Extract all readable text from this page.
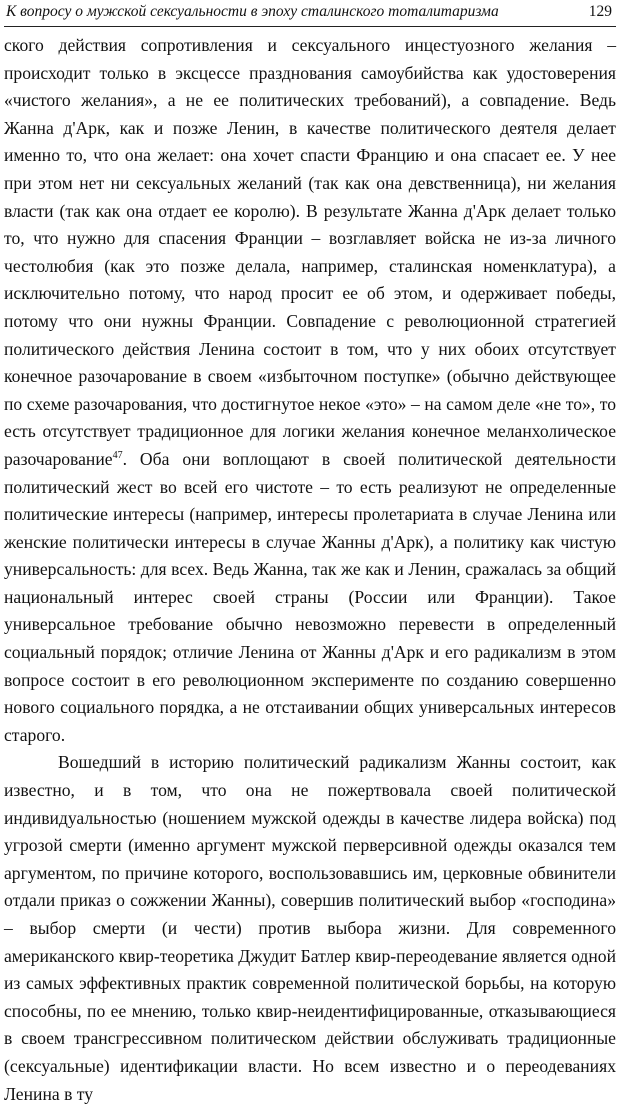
К вопросу о мужской сексуальности в эпоху сталинского тоталитаризма	129

ского действия сопротивления и сексуального инцестуозного желания – происходит только в эксцессе празднования самоубийства как удостоверения «чистого желания», а не ее политических требований), а совпадение. Ведь Жанна д'Арк, как и позже Ленин, в качестве политического деятеля делает именно то, что она желает: она хочет спасти Францию и она спасает ее. У нее при этом нет ни сексуальных желаний (так как она девственница), ни желания власти (так как она отдает ее королю). В результате Жанна д'Арк делает только то, что нужно для спасения Франции – возглавляет войска не из-за личного честолюбия (как это позже делала, например, сталинская номенклатура), а исключительно потому, что народ просит ее об этом, и одерживает победы, потому что они нужны Франции. Совпадение с революционной стратегией политического действия Ленина состоит в том, что у них обоих отсутствует конечное разочарование в своем «избыточном поступке» (обычно действующее по схеме разочарования, что достигнутое некое «это» – на самом деле «не то», то есть отсутствует традиционное для логики желания конечное меланхолическое разочарование$^{47}$. Оба они воплощают в своей политической деятельности политический жест во всей его чистоте – то есть реализуют не определенные политические интересы (например, интересы пролетариата в случае Ленина или женские политически интересы в случае Жанны д'Арк), а политику как чистую универсальность: для всех. Ведь Жанна, так же как и Ленин, сражалась за общий национальный интерес своей страны (России или Франции). Такое универсальное требование обычно невозможно перевести в определенный социальный порядок; отличие Ленина от Жанны д'Арк и его радикализм в этом вопросе состоит в его революционном эксперименте по созданию совершенно нового социального порядка, а не отстаивании общих универсальных интересов старого.

Вошедший в историю политический радикализм Жанны состоит, как известно, и в том, что она не пожертвовала своей политической индивидуальностью (ношением мужской одежды в качестве лидера войска) под угрозой смерти (именно аргумент мужской перверсивной одежды оказался тем аргументом, по причине которого, воспользовавшись им, церковные обвинители отдали приказ о сожжении Жанны), совершив политический выбор «господина» – выбор смерти (и чести) против выбора жизни. Для современного американского квир-теоретика Джудит Батлер квир-переодевание является одной из самых эффективных практик современной политической борьбы, на которую способны, по ее мнению, только квир-неидентифицированные, отказывающиеся в своем трансгрессивном политическом действии обслуживать традиционные (сексуальные) идентификации власти. Но всем известно и о переодеваниях Ленина в ту
